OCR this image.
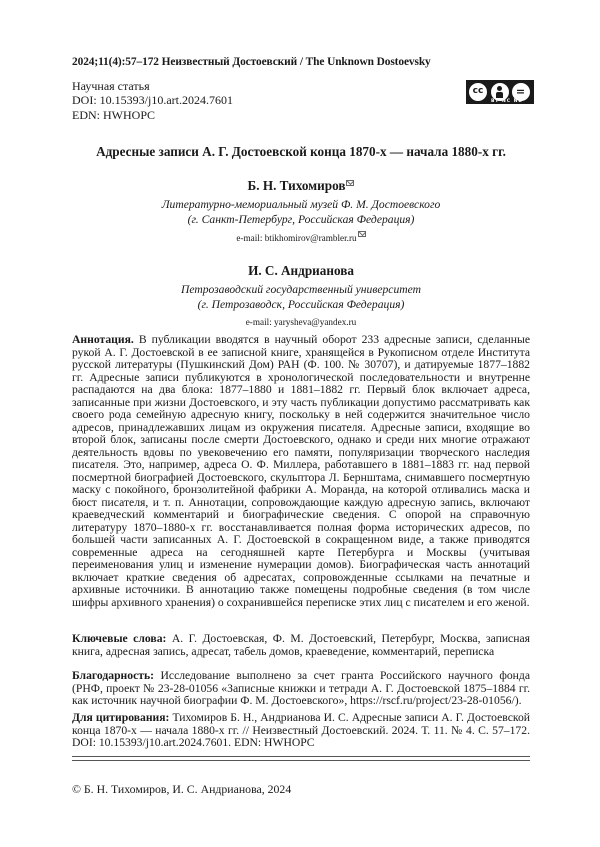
2024;11(4):57–172 Неизвестный Достоевский / The Unknown Dostoevsky
Научная статья
DOI: 10.15393/j10.art.2024.7601
EDN: HWHOPC
cc
=
BY NC ND
Адресные записи А. Г. Достоевской конца 1870-х — начала 1880-х гг.
Б. Н. Тихомиров
Литературно-мемориальный музей Ф. М. Достоевского
(г. Санкт-Петербург, Российская Федерация)
e-mail: btikhomirov@rambler.ru
И. С. Андрианова
Петрозаводский государственный университет
(г. Петрозаводск, Российская Федерация)
e-mail: yarysheva@yandex.ru
Аннотация. В публикации вводятся в научный оборот 233 адресные записи, сделанные рукой А. Г. Достоевской в ее записной книге, хранящейся в Рукописном отделе Института русской литературы (Пушкинский Дом) РАН (Ф. 100. № 30707), и датируемые 1877–1882 гг. Адресные записи публикуются в хронологической последовательности и внутренне распадаются на два блока: 1877–1880 и 1881–1882 гг. Первый блок включает адреса, записанные при жизни Достоевского, и эту часть публикации допустимо рассматривать как своего рода семейную адресную книгу, поскольку в ней содержится значительное число адресов, принадлежавших лицам из окружения писателя. Адресные записи, входящие во второй блок, записаны после смерти Достоевского, однако и среди них многие отражают деятельность вдовы по увековечению его памяти, популяризации творческого наследия писателя. Это, например, адреса О. Ф. Миллера, работавшего в 1881–1883 гг. над первой посмертной биографией Достоевского, скульптора Л. Бернштама, снимавшего посмертную маску с покойного, бронзолитейной фабрики А. Моранда, на которой отливались маска и бюст писателя, и т. п. Аннотации, сопровождающие каждую адресную запись, включают краеведческий комментарий и биографические сведения. С опорой на справочную литературу 1870–1880-х гг. восстанавливается полная форма исторических адресов, по большей части записанных А. Г. Достоевской в сокращенном виде, а также приводятся современные адреса на сегодняшней карте Петербурга и Москвы (учитывая переименования улиц и изменение нумерации домов). Биографическая часть аннотаций включает краткие сведения об адресатах, сопровожденные ссылками на печатные и архивные источники. В аннотацию также помещены подробные сведения (в том числе шифры архивного хранения) о сохранившейся переписке этих лиц с писателем и его женой.
Ключевые слова: А. Г. Достоевская, Ф. М. Достоевский, Петербург, Москва, записная книга, адресная запись, адресат, табель домов, краеведение, комментарий, переписка
Благодарность: Исследование выполнено за счет гранта Российского научного фонда (РНФ, проект № 23-28-01056 «Записные книжки и тетради А. Г. Достоевской 1875–1884 гг. как источник научной биографии Ф. М. Достоевского», https://rscf.ru/project/23-28-01056/).
Для цитирования: Тихомиров Б. Н., Андрианова И. С. Адресные записи А. Г. Достоевской конца 1870-х — начала 1880-х гг. // Неизвестный Достоевский. 2024. Т. 11. № 4. С. 57–172. DOI: 10.15393/j10.art.2024.7601. EDN: HWHOPC
© Б. Н. Тихомиров, И. С. Андрианова, 2024
